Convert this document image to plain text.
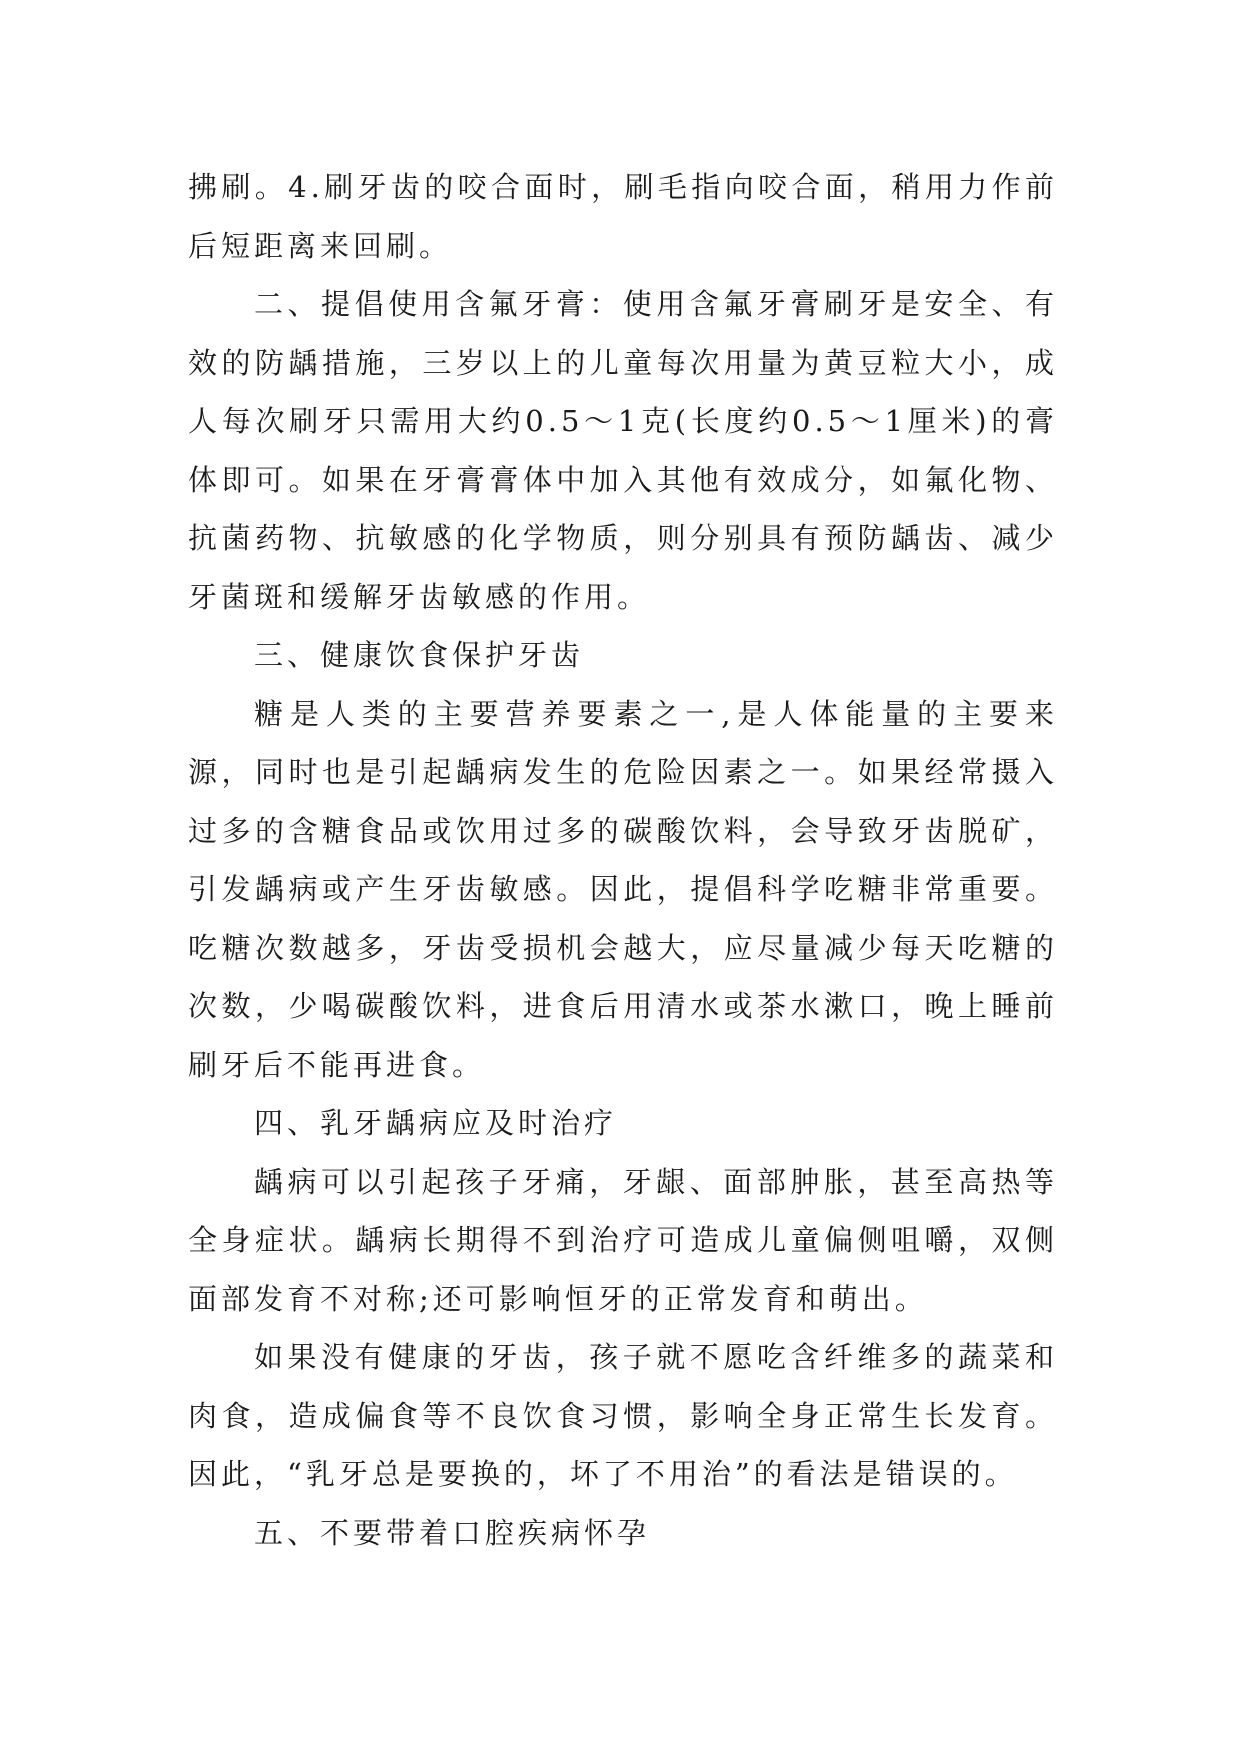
拂刷。4.刷牙齿的咬合面时，刷毛指向咬合面，稍用力作前后短距离来回刷。

二、提倡使用含氟牙膏：使用含氟牙膏刷牙是安全、有效的防龋措施，三岁以上的儿童每次用量为黄豆粒大小，成人每次刷牙只需用大约0.5～1克(长度约0.5～1厘米)的膏体即可。如果在牙膏膏体中加入其他有效成分，如氟化物、抗菌药物、抗敏感的化学物质，则分别具有预防龋齿、减少牙菌斑和缓解牙齿敏感的作用。

三、健康饮食保护牙齿

糖是人类的主要营养要素之一,是人体能量的主要来源，同时也是引起龋病发生的危险因素之一。如果经常摄入过多的含糖食品或饮用过多的碳酸饮料，会导致牙齿脱矿，引发龋病或产生牙齿敏感。因此，提倡科学吃糖非常重要。吃糖次数越多，牙齿受损机会越大，应尽量减少每天吃糖的次数，少喝碳酸饮料，进食后用清水或茶水漱口，晚上睡前刷牙后不能再进食。

四、乳牙龋病应及时治疗

龋病可以引起孩子牙痛，牙龈、面部肿胀，甚至高热等全身症状。龋病长期得不到治疗可造成儿童偏侧咀嚼，双侧面部发育不对称;还可影响恒牙的正常发育和萌出。

如果没有健康的牙齿，孩子就不愿吃含纤维多的蔬菜和肉食，造成偏食等不良饮食习惯，影响全身正常生长发育。因此，“乳牙总是要换的，坏了不用治”的看法是错误的。

五、不要带着口腔疾病怀孕
